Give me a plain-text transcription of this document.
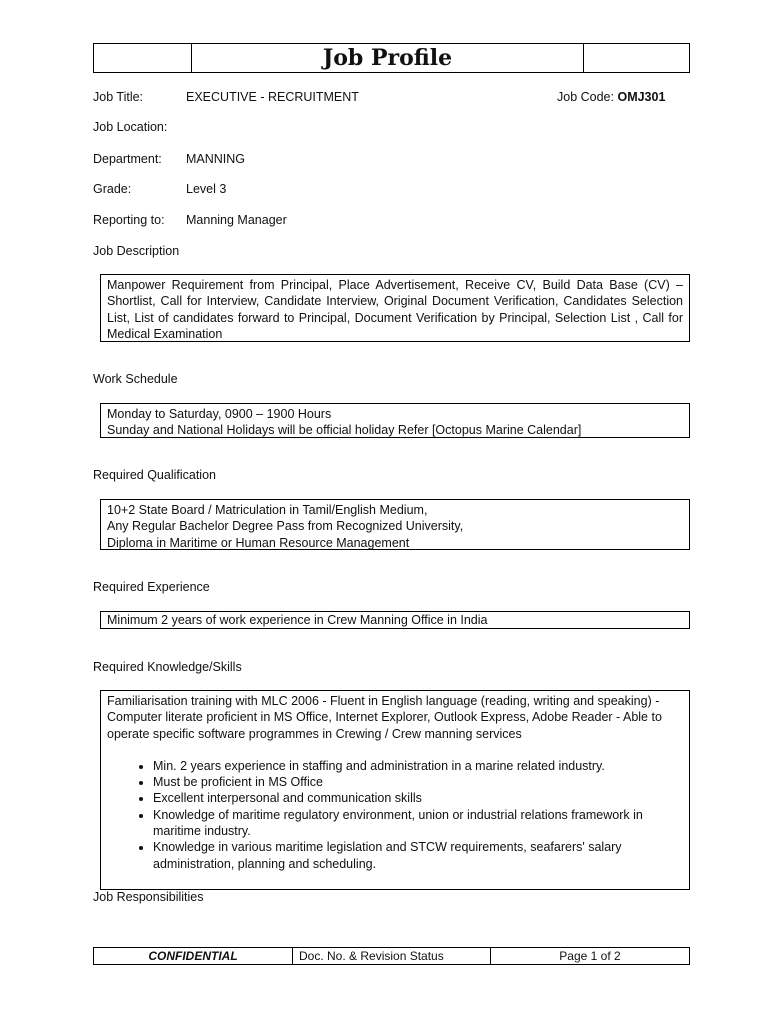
Job Profile
Job Title:	EXECUTIVE - RECRUITMENT	Job Code: OMJ301
Job Location:
Department: MANNING
Grade:	Level 3
Reporting to: Manning Manager
Job Description

Manpower Requirement from Principal, Place Advertisement, Receive CV, Build Data Base (CV) – Shortlist, Call for Interview, Candidate Interview, Original Document Verification, Candidates Selection List, List of candidates forward to Principal, Document Verification by Principal, Selection List , Call for Medical Examination

Work Schedule

Monday to Saturday, 0900 – 1900 Hours

Sunday and National Holidays will be official holiday Refer [Octopus Marine Calendar]

Required Qualification

10+2 State Board / Matriculation in Tamil/English Medium,

Any Regular Bachelor Degree Pass from Recognized University,

Diploma in Maritime or Human Resource Management

Required Experience

Minimum 2 years of work experience in Crew Manning Office in India

Required Knowledge/Skills

Familiarisation training with MLC 2006 - Fluent in English language (reading, writing and speaking) - Computer literate proficient in MS Office, Internet Explorer, Outlook Express, Adobe Reader - Able to operate specific software programmes in Crewing / Crew manning services

• Min. 2 years experience in staffing and administration in a marine related industry.
• Must be proficient in MS Office
• Excellent interpersonal and communication skills
• Knowledge of maritime regulatory environment, union or industrial relations framework in maritime industry.
• Knowledge in various maritime legislation and STCW requirements, seafarers' salary administration, planning and scheduling.
Job Responsibilities
CONFIDENTIAL	Doc. No. & Revision Status	Page 1 of 2
